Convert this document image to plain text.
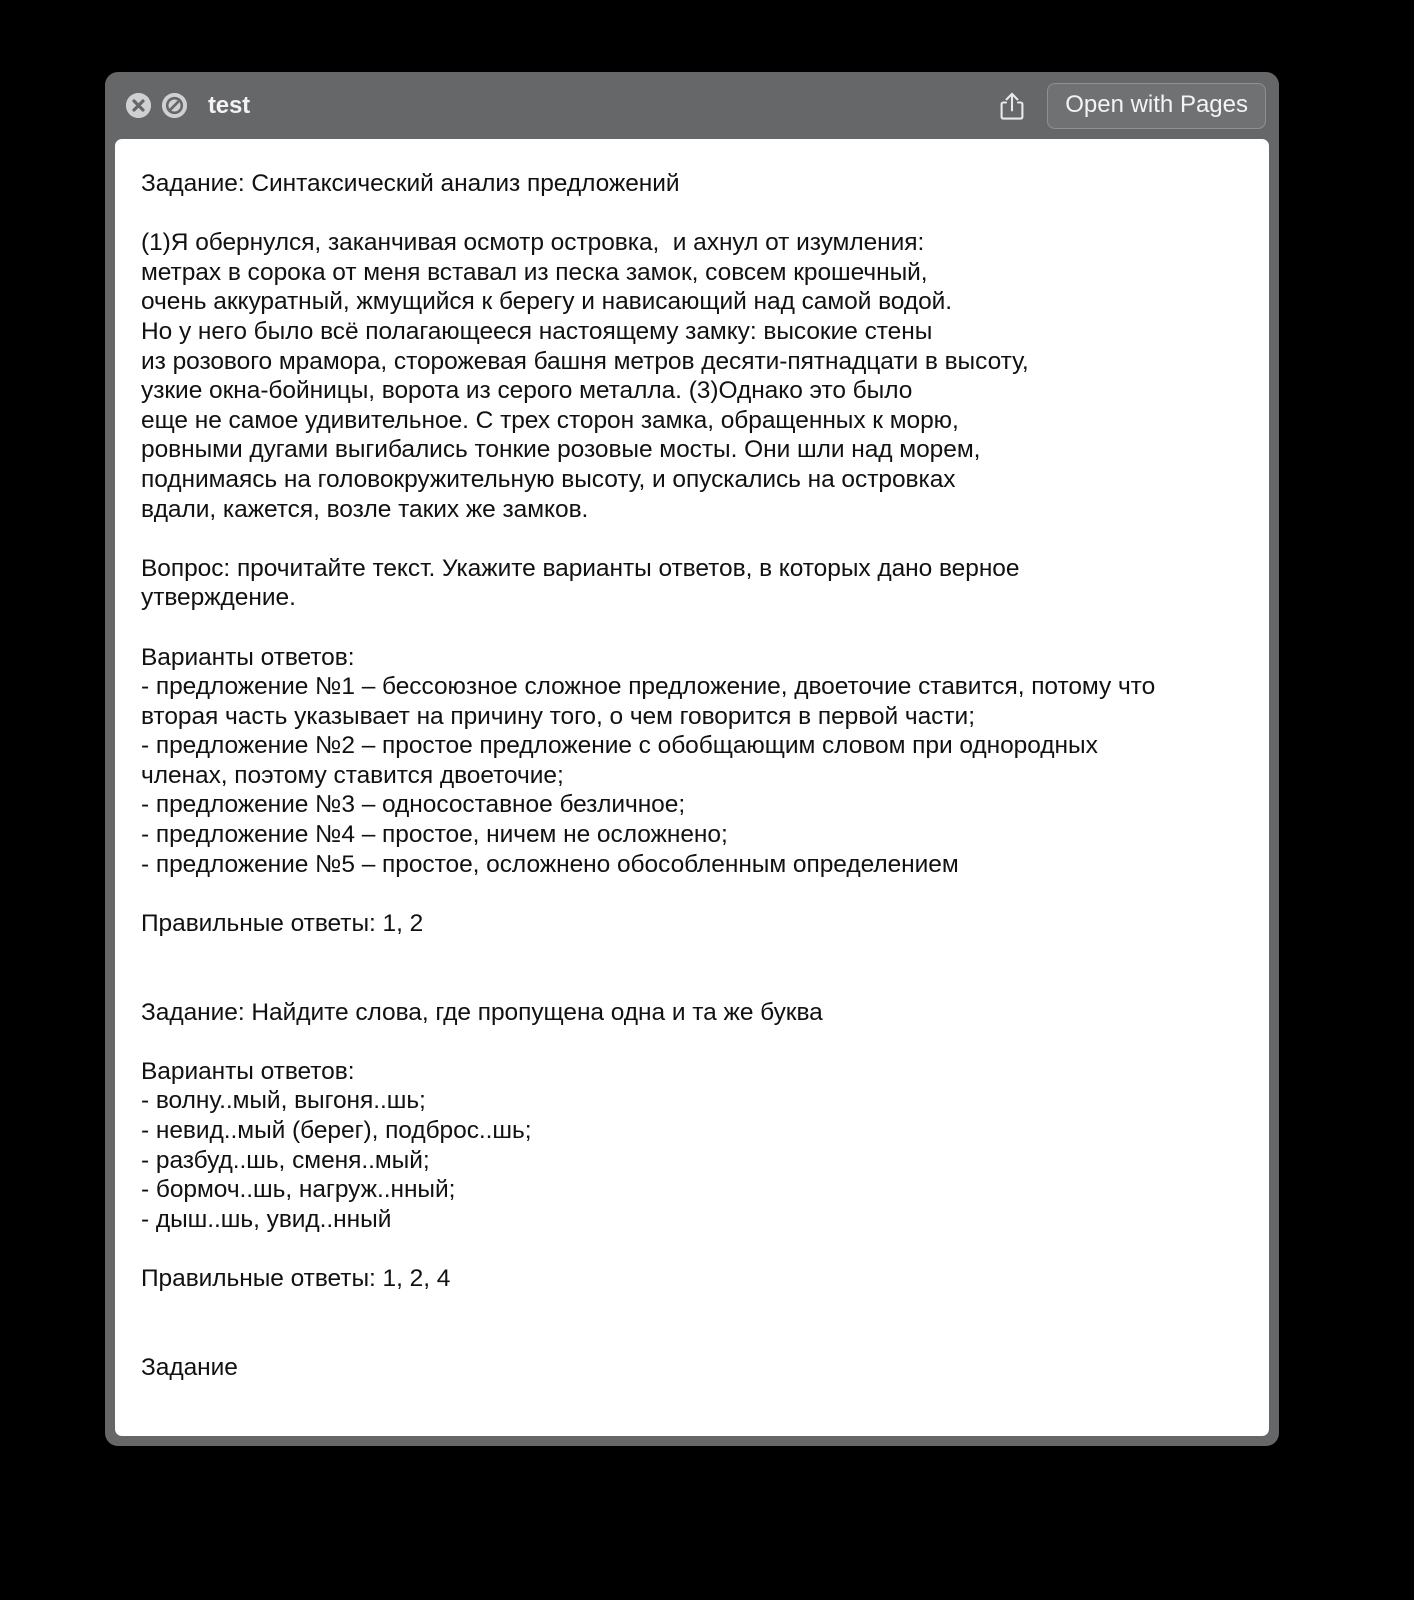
test	Open with Pages
Задание: Синтаксический анализ предложений

(1)Я обернулся, заканчивая осмотр островка,  и ахнул от изумления:
метрах в сорока от меня вставал из песка замок, совсем крошечный,
очень аккуратный, жмущийся к берегу и нависающий над самой водой.
Но у него было всё полагающееся настоящему замку: высокие стены
из розового мрамора, сторожевая башня метров десяти-пятнадцати в высоту,
узкие окна-бойницы, ворота из серого металла. (3)Однако это было
еще не самое удивительное. С трех сторон замка, обращенных к морю,
ровными дугами выгибались тонкие розовые мосты. Они шли над морем,
поднимаясь на головокружительную высоту, и опускались на островках
вдали, кажется, возле таких же замков.

Вопрос: прочитайте текст. Укажите варианты ответов, в которых дано верное
утверждение.

Варианты ответов:
- предложение №1 – бессоюзное сложное предложение, двоеточие ставится, потому что
вторая часть указывает на причину того, о чем говорится в первой части;
- предложение №2 – простое предложение с обобщающим словом при однородных
членах, поэтому ставится двоеточие;
- предложение №3 – односоставное безличное;
- предложение №4 – простое, ничем не осложнено;
- предложение №5 – простое, осложнено обособленным определением

Правильные ответы: 1, 2

Задание: Найдите слова, где пропущена одна и та же буква

Варианты ответов:
- волну..мый, выгоня..шь;
- невид..мый (берег), подброс..шь;
- разбуд..шь, сменя..мый;
- бормоч..шь, нагруж..нный;
- дыш..шь, увид..нный

Правильные ответы: 1, 2, 4

Задание
